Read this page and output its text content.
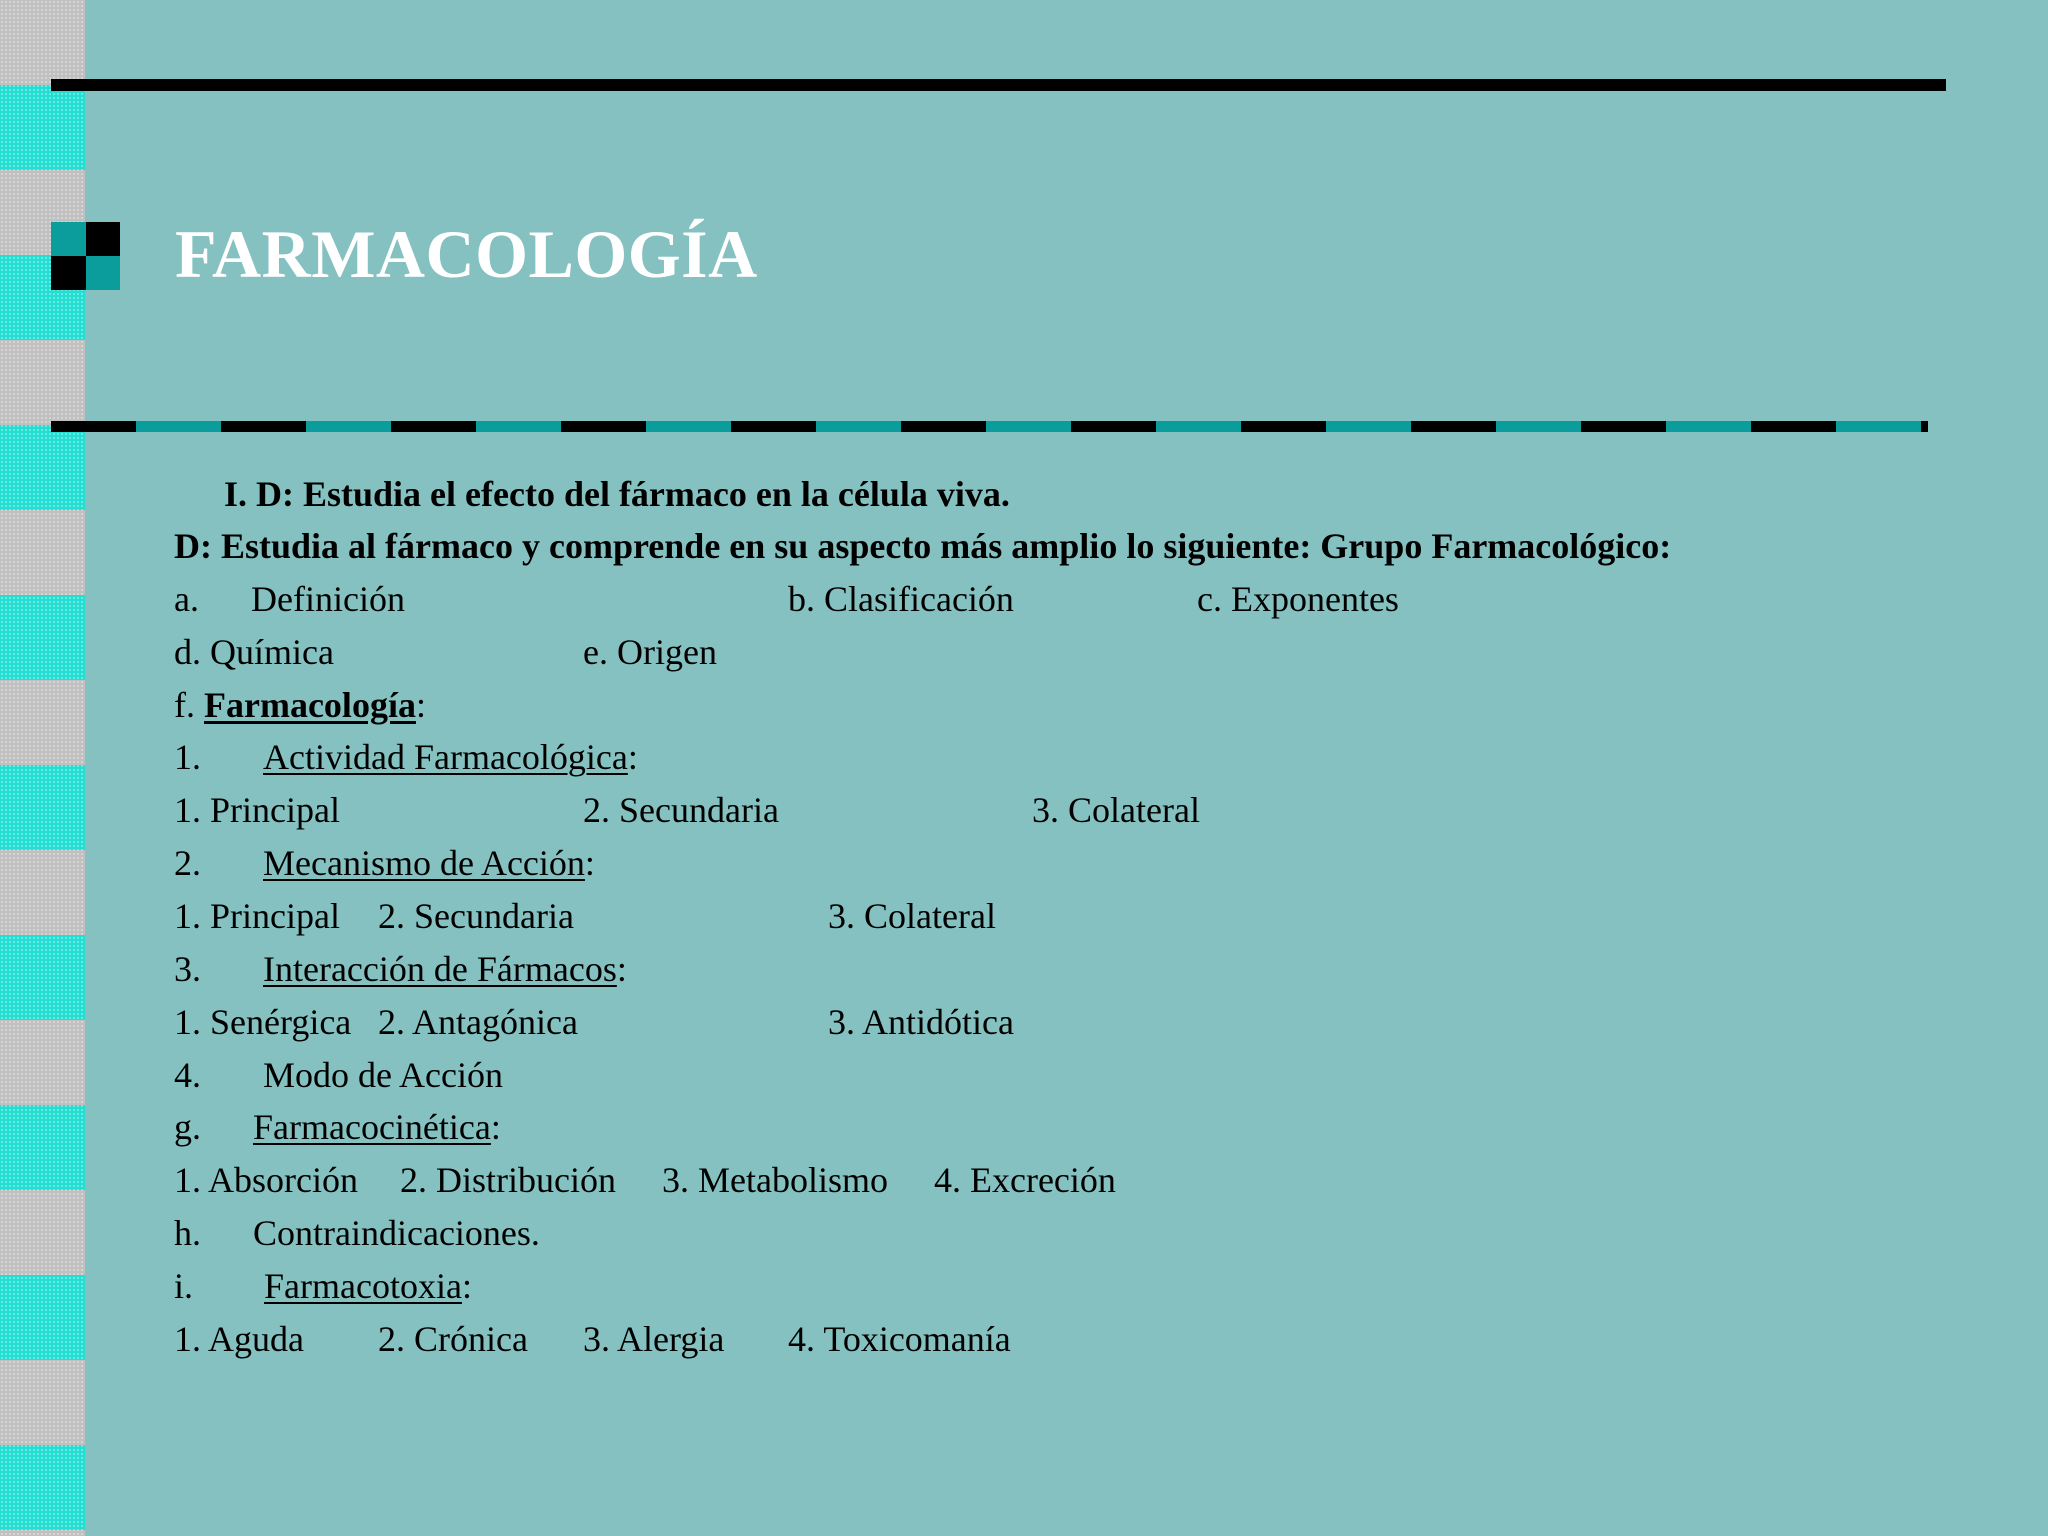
FARMACOLOGÍA
I. D: Estudia el efecto del fármaco en la célula viva.
D: Estudia al fármaco y comprende en su aspecto más amplio lo siguiente: Grupo Farmacológico:
a. Definición	b. Clasificación	c. Exponentes
d. Química	e. Origen
f. Farmacología:
1. Actividad Farmacológica:
1. Principal	2. Secundaria	3. Colateral
2. Mecanismo de Acción:
1. Principal 2. Secundaria	3. Colateral
3. Interacción de Fármacos:
1. Senérgica 2. Antagónica	3. Antidótica
4. Modo de Acción
g. Farmacocinética:
1. Absorción 2. Distribución 3. Metabolismo 4. Excreción
h. Contraindicaciones.
i. Farmacotoxia:
1. Aguda 2. Crónica 3. Alergia 4. Toxicomanía
